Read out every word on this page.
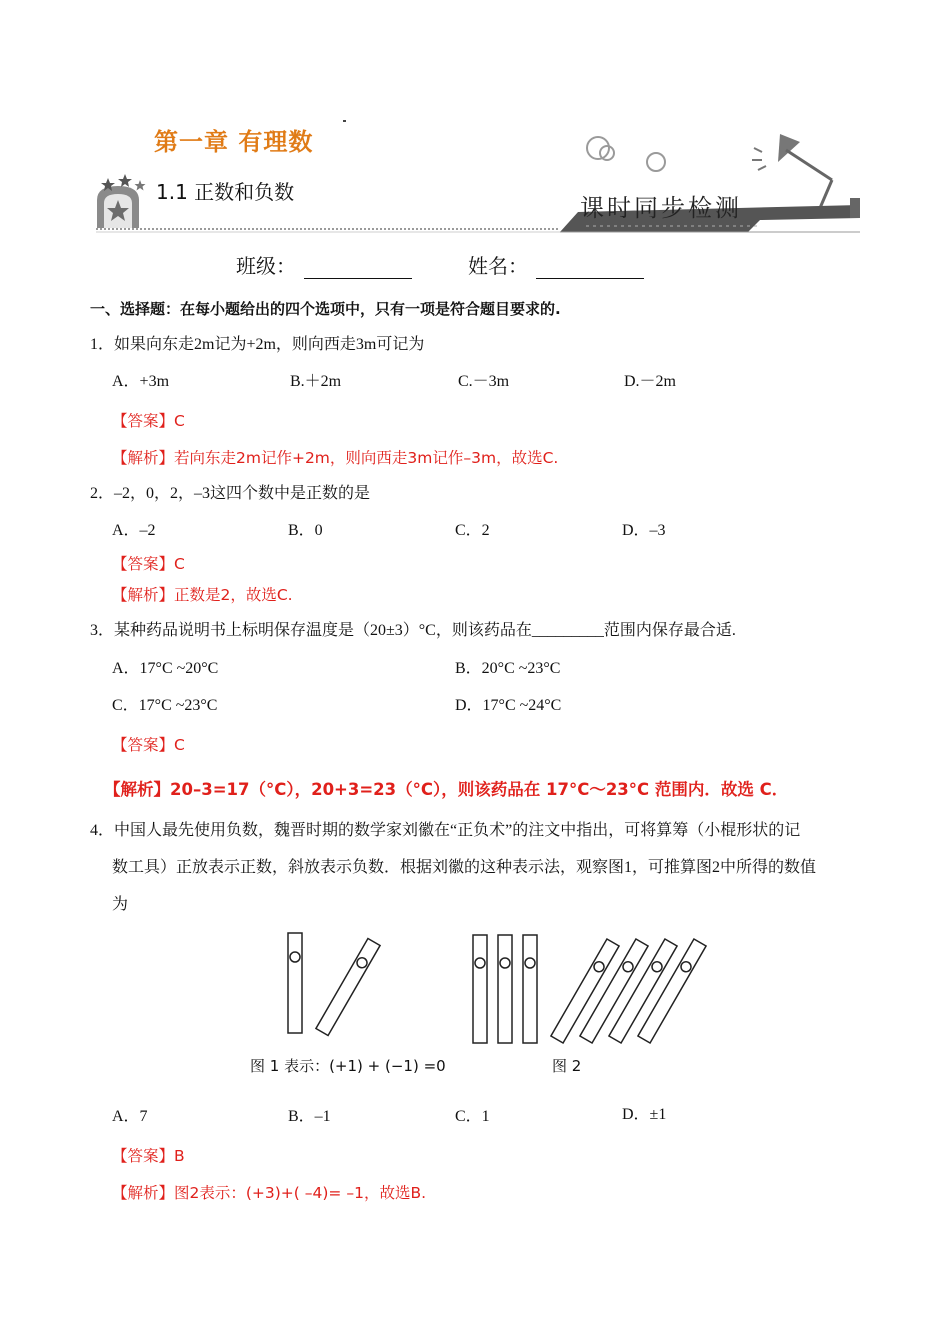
第一章 有理数
1.1 正数和负数
课时同步检测
班级：	姓名：
一、选择题：在每小题给出的四个选项中，只有一项是符合题目要求的.
1．如果向东走2m记为+2m，则向西走3m可记为
A．+3m	B.＋2m	C.－3m	D.－2m
【答案】C
【解析】若向东走2m记作+2m，则向西走3m记作–3m，故选C.
2．–2，0，2，–3这四个数中是正数的是
A．–2	B．0	C．2	D．–3
【答案】C
【解析】正数是2，故选C.
3．某种药品说明书上标明保存温度是（20±3）°C，则该药品在_________范围内保存最合适.
A．17°C ~20°C	B．20°C ~23°C
C．17°C ~23°C	D．17°C ~24°C
【答案】C
【解析】20–3=17（°C），20+3=23（°C），则该药品在 17°C～23°C 范围内．故选 C．
4．中国人最先使用负数，魏晋时期的数学家刘徽在“正负术”的注文中指出，可将算筹（小棍形状的记
数工具）正放表示正数，斜放表示负数．根据刘徽的这种表示法，观察图1，可推算图2中所得的数值
为
图 1 表示：(+1) + (−1) =0	图 2
A．7	B．–1	C．1	D．±1
【答案】B
【解析】图2表示：(+3)+( –4)= –1，故选B.
